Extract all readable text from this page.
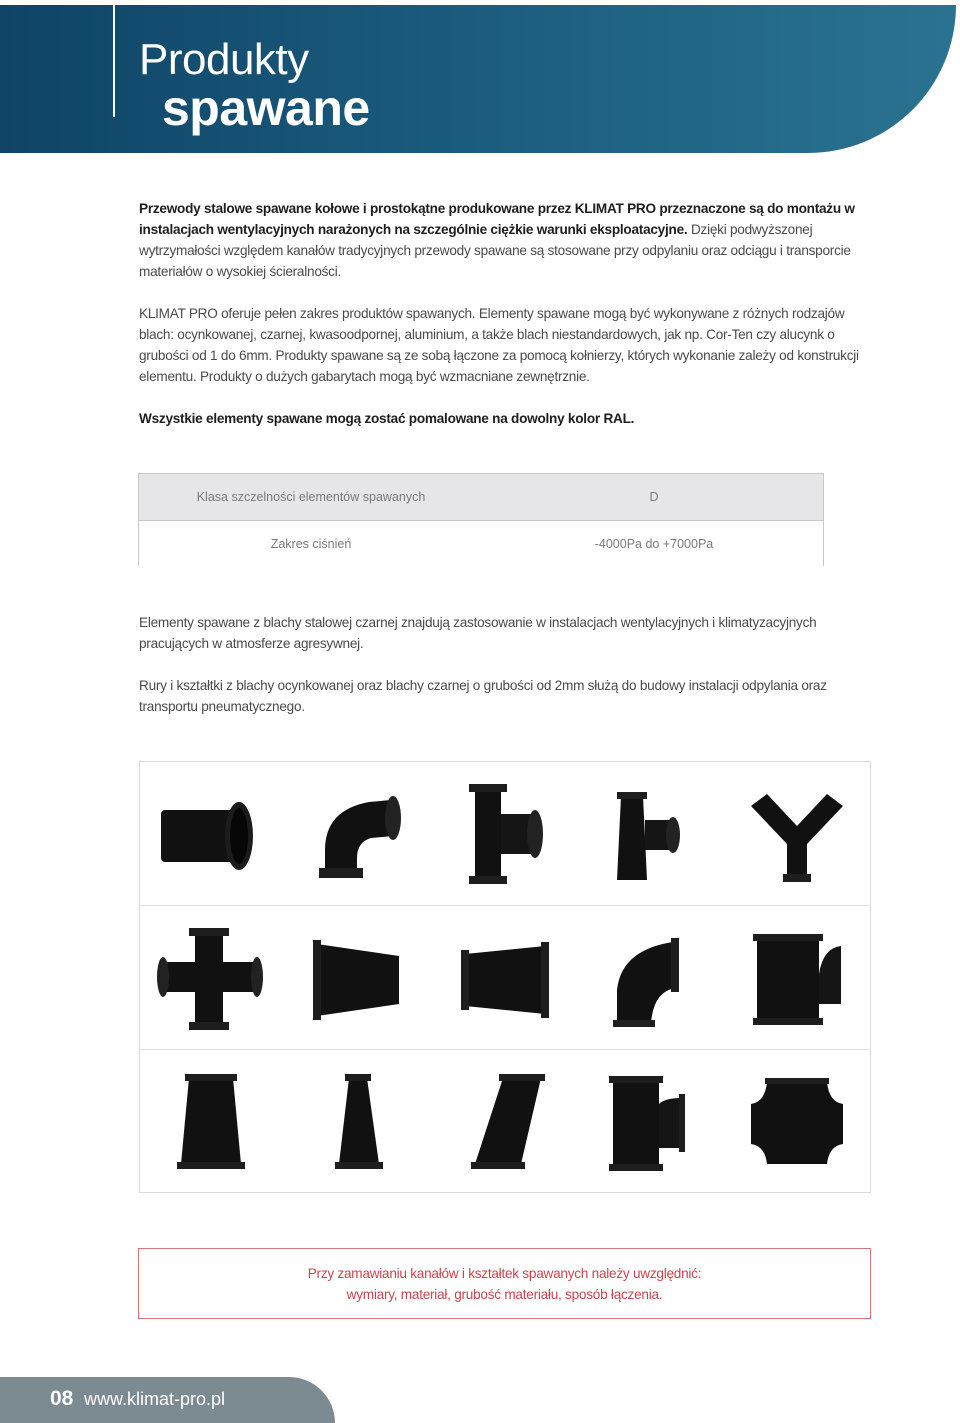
Produkty
spawane

Przewody stalowe spawane kołowe i prostokątne produkowane przez KLIMAT PRO przeznaczone są do montażu w instalacjach wentylacyjnych narażonych na szczególnie ciężkie warunki eksploatacyjne. Dzięki podwyższonej wytrzymałości względem kanałów tradycyjnych przewody spawane są stosowane przy odpylaniu oraz odciągu i transporcie materiałów o wysokiej ścieralności.

KLIMAT PRO oferuje pełen zakres produktów spawanych. Elementy spawane mogą być wykonywane z różnych rodzajów blach: ocynkowanej, czarnej, kwasoodpornej, aluminium, a także blach niestandardowych, jak np. Cor-Ten czy alucynk o grubości od 1 do 6mm. Produkty spawane są ze sobą łączone za pomocą kołnierzy, których wykonanie zależy od konstrukcji elementu. Produkty o dużych gabarytach mogą być wzmacniane zewnętrznie.

Wszystkie elementy spawane mogą zostać pomalowane na dowolny kolor RAL.

Klasa szczelności elementów spawanych	D
Zakres ciśnień	-4000Pa do +7000Pa

Elementy spawane z blachy stalowej czarnej znajdują zastosowanie w instalacjach wentylacyjnych i klimatyzacyjnych pracujących w atmosferze agresywnej.

Rury i kształtki z blachy ocynkowanej oraz blachy czarnej o grubości od 2mm służą do budowy instalacji odpylania oraz transportu pneumatycznego.

Przy zamawianiu kanałów i kształtek spawanych należy uwzględnić:

wymiary, materiał, grubość materiału, sposób łączenia.

08 www.klimat-pro.pl
